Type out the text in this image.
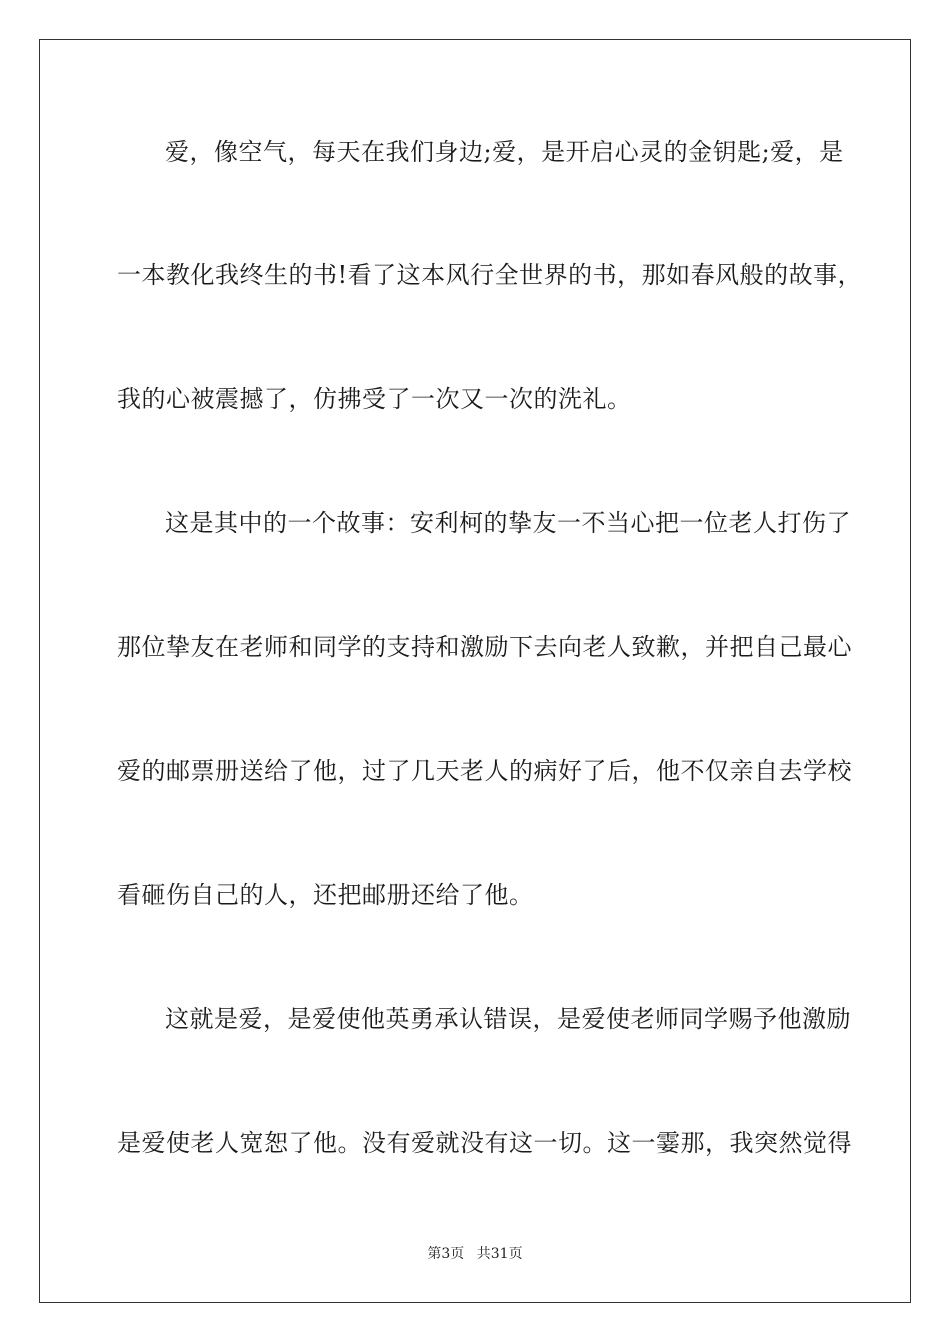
爱，像空气，每天在我们身边;爱，是开启心灵的金钥匙;爱，是
一本教化我终生的书!看了这本风行全世界的书，那如春风般的故事，
我的心被震撼了，仿拂受了一次又一次的洗礼。
这是其中的一个故事：安利柯的挚友一不当心把一位老人打伤了
那位挚友在老师和同学的支持和激励下去向老人致歉，并把自己最心
爱的邮票册送给了他，过了几天老人的病好了后，他不仅亲自去学校
看砸伤自己的人，还把邮册还给了他。
这就是爱，是爱使他英勇承认错误，是爱使老师同学赐予他激励
是爱使老人宽恕了他。没有爱就没有这一切。这一霎那，我突然觉得
第3页 共31页
